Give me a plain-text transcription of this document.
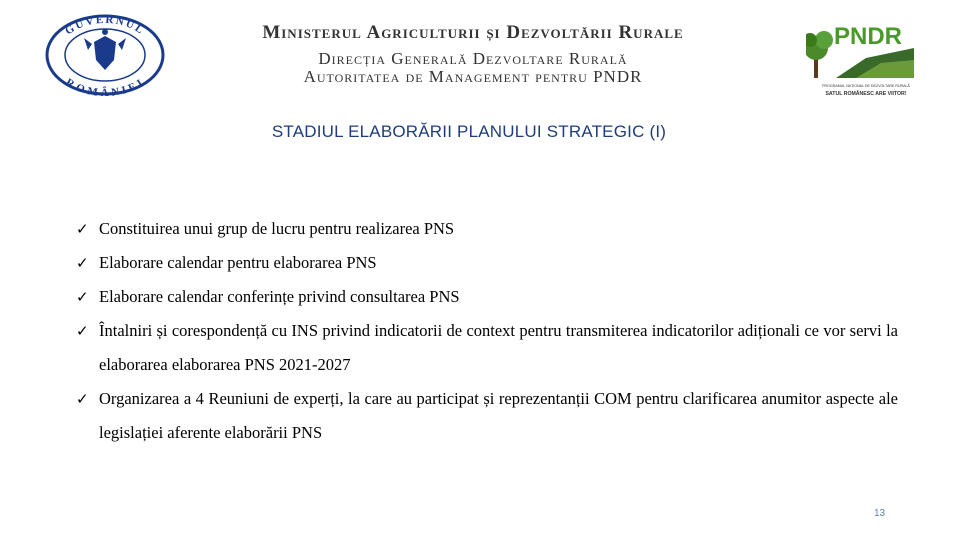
GUVERNUL
ROMÂNIEI
Ministerul Agriculturii și Dezvoltării Rurale
Direcția Generală Dezvoltare Rurală
Autoritatea de Management pentru PNDR
PNDR
PROGRAMUL NAȚIONAL DE DEZVOLTARE RURALĂ
SATUL ROMÂNESC ARE VIITOR!
STADIUL ELABORĂRII PLANULUI STRATEGIC (I)
✓ Constituirea unui grup de lucru pentru realizarea PNS
✓ Elaborare calendar pentru elaborarea PNS
✓ Elaborare calendar conferințe privind consultarea PNS
✓ Întalniri și corespondență cu INS privind indicatorii de context pentru transmiterea indicatorilor adiționali ce vor servi la elaborarea elaborarea PNS 2021-2027
✓ Organizarea a 4 Reuniuni de experți, la care au participat și reprezentanții COM pentru clarificarea anumitor aspecte ale legislației aferente elaborării PNS
13
